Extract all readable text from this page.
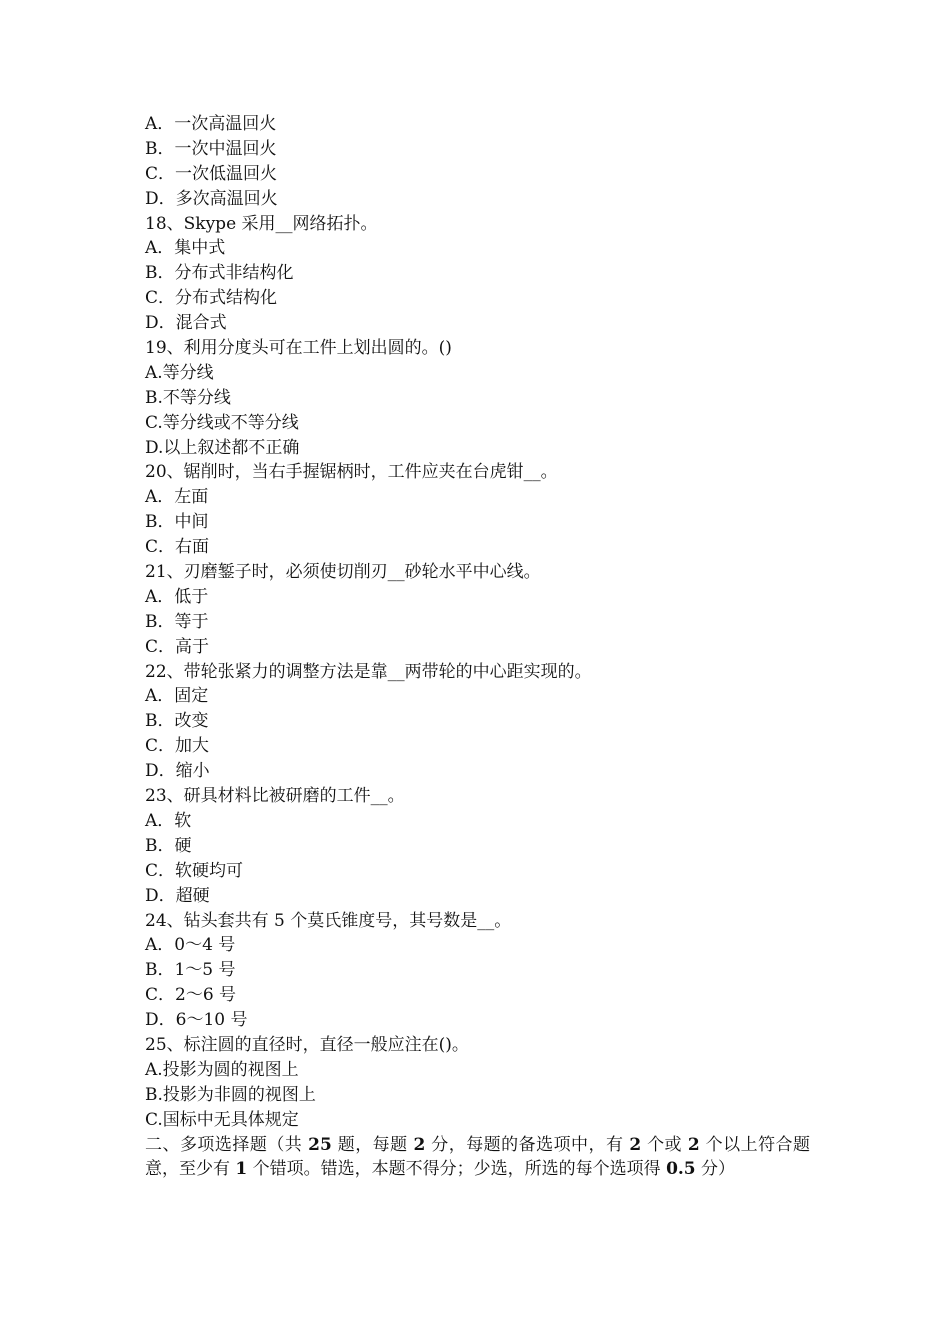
A．一次高温回火
B．一次中温回火
C．一次低温回火
D．多次高温回火
18、Skype 采用__网络拓扑。
A．集中式
B．分布式非结构化
C．分布式结构化
D．混合式
19、利用分度头可在工件上划出圆的。()
A.等分线
B.不等分线
C.等分线或不等分线
D.以上叙述都不正确
20、锯削时，当右手握锯柄时，工件应夹在台虎钳__。
A．左面
B．中间
C．右面
21、刃磨錾子时，必须使切削刃__砂轮水平中心线。
A．低于
B．等于
C．高于
22、带轮张紧力的调整方法是靠__两带轮的中心距实现的。
A．固定
B．改变
C．加大
D．缩小
23、研具材料比被研磨的工件__。
A．软
B．硬
C．软硬均可
D．超硬
24、钻头套共有 5 个莫氏锥度号，其号数是__。
A．0～4 号
B．1～5 号
C．2～6 号
D．6～10 号
25、标注圆的直径时，直径一般应注在()。
A.投影为圆的视图上
B.投影为非圆的视图上
C.国标中无具体规定

二、多项选择题（共 25 题，每题 2 分，每题的备选项中，有 2 个或 2 个以上符合题意，至少有 1 个错项。错选，本题不得分；少选，所选的每个选项得 0.5 分）
